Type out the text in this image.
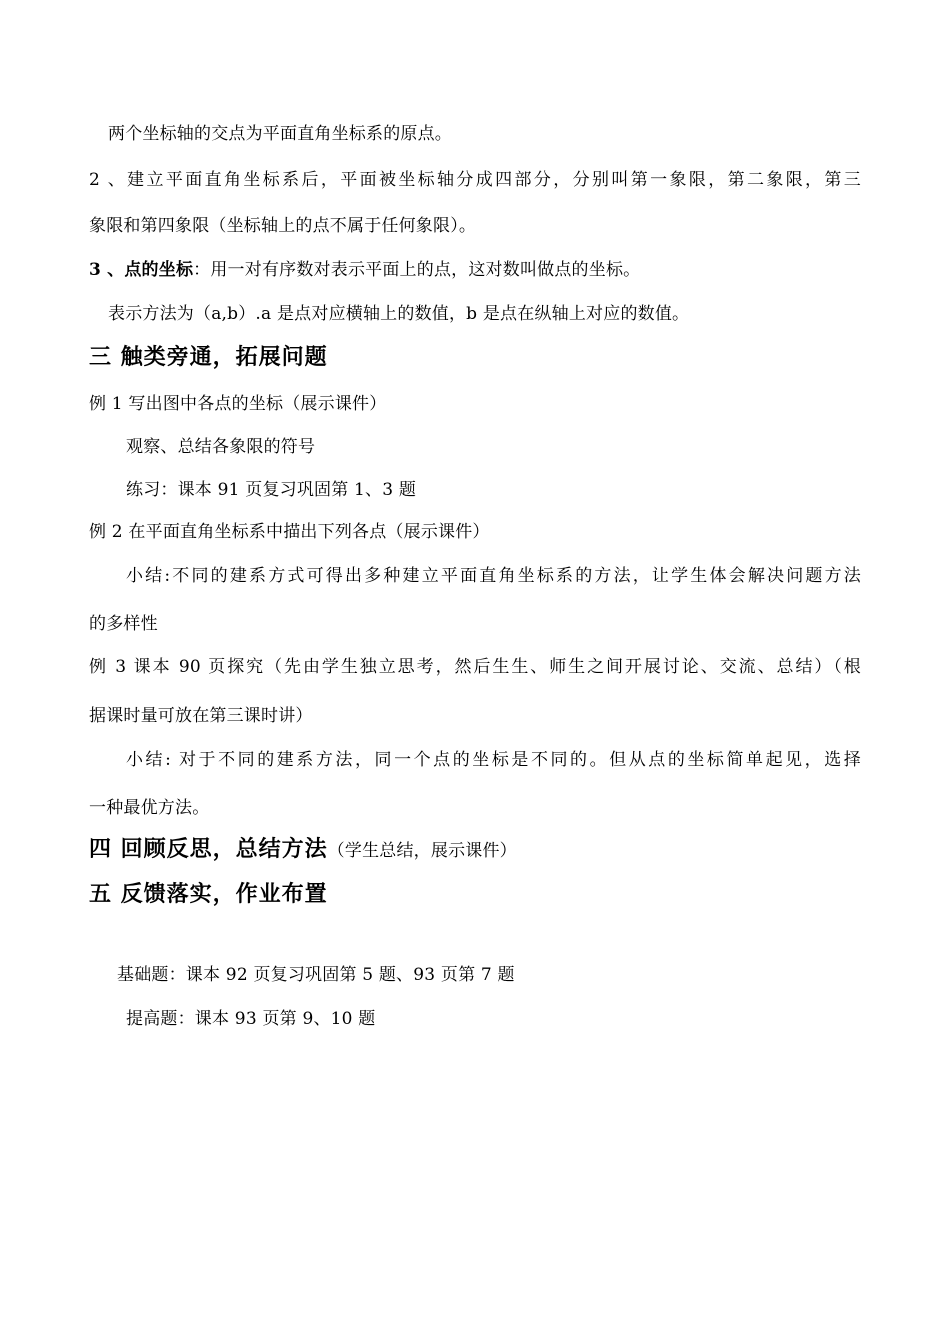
两个坐标轴的交点为平面直角坐标系的原点。
2 、建立平面直角坐标系后，平面被坐标轴分成四部分，分别叫第一象限，第二象限，第三
象限和第四象限（坐标轴上的点不属于任何象限）。
3 、点的坐标：用一对有序数对表示平面上的点，这对数叫做点的坐标。
表示方法为（a,b）.a 是点对应横轴上的数值，b 是点在纵轴上对应的数值。
三 触类旁通，拓展问题
例 1 写出图中各点的坐标（展示课件）
观察、总结各象限的符号
练习：课本 91 页复习巩固第 1、3 题
例 2 在平面直角坐标系中描出下列各点（展示课件）
小结:不同的建系方式可得出多种建立平面直角坐标系的方法，让学生体会解决问题方法
的多样性
例 3 课本 90 页探究（先由学生独立思考，然后生生、师生之间开展讨论、交流、总结）（根
据课时量可放在第三课时讲）
小结: 对于不同的建系方法，同一个点的坐标是不同的。但从点的坐标简单起见，选择
一种最优方法。
四 回顾反思，总结方法（学生总结，展示课件）
五 反馈落实，作业布置
基础题：课本 92 页复习巩固第 5 题、93 页第 7 题
提高题：课本 93 页第 9、10 题
